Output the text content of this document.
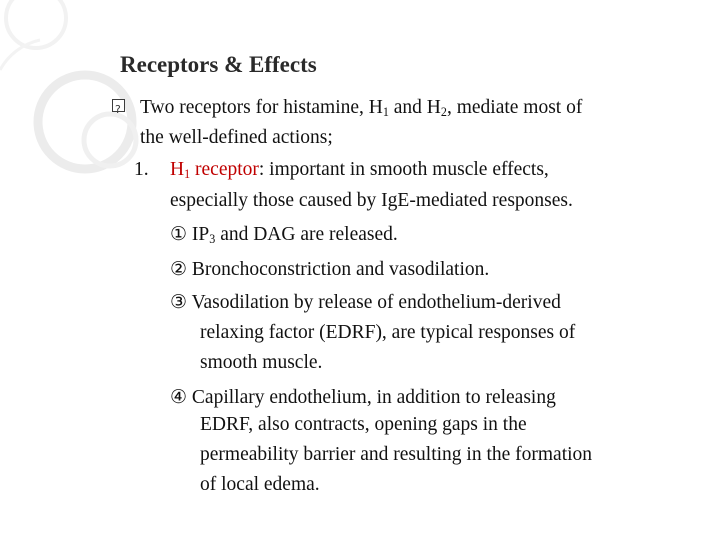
Receptors & Effects
?
Two receptors for histamine, $H_1$ and $H_2$, mediate most of
the well-defined actions;
1. $H_1$ receptor: important in smooth muscle effects,
especially those caused by IgE-mediated responses.
① $IP_3$ and DAG are released.
② Bronchoconstriction and vasodilation.
③ Vasodilation by release of endothelium-derived
relaxing factor (EDRF), are typical responses of
smooth muscle.
④ Capillary endothelium, in addition to releasing
EDRF, also contracts, opening gaps in the
permeability barrier and resulting in the formation
of local edema.
